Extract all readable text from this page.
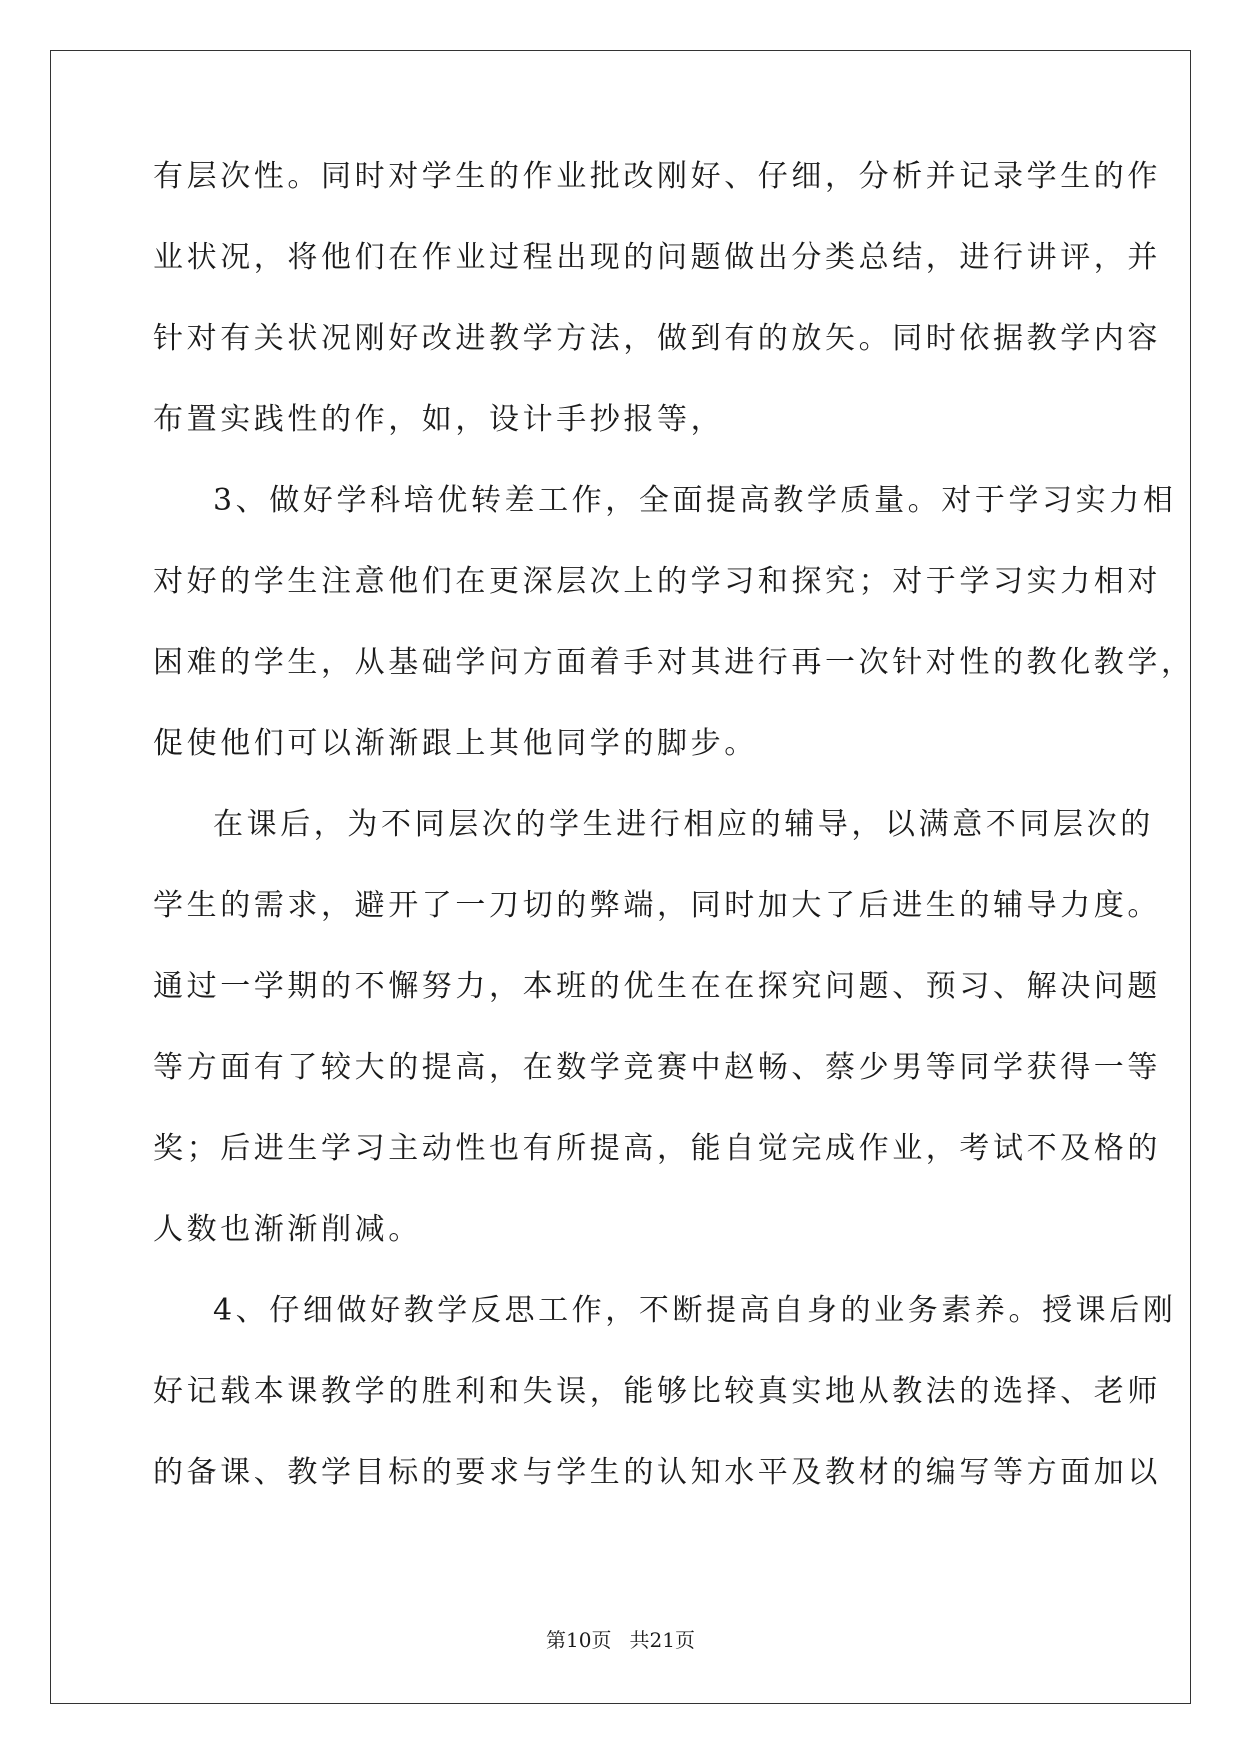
有层次性。同时对学生的作业批改刚好、仔细，分析并记录学生的作
业状况，将他们在作业过程出现的问题做出分类总结，进行讲评，并
针对有关状况刚好改进教学方法，做到有的放矢。同时依据教学内容
布置实践性的作，如，设计手抄报等，
3、做好学科培优转差工作，全面提高教学质量。对于学习实力相
对好的学生注意他们在更深层次上的学习和探究；对于学习实力相对
困难的学生，从基础学问方面着手对其进行再一次针对性的教化教学，
促使他们可以渐渐跟上其他同学的脚步。
在课后，为不同层次的学生进行相应的辅导，以满意不同层次的
学生的需求，避开了一刀切的弊端，同时加大了后进生的辅导力度。
通过一学期的不懈努力，本班的优生在在探究问题、预习、解决问题
等方面有了较大的提高，在数学竞赛中赵畅、蔡少男等同学获得一等
奖；后进生学习主动性也有所提高，能自觉完成作业，考试不及格的
人数也渐渐削减。
4、仔细做好教学反思工作，不断提高自身的业务素养。授课后刚
好记载本课教学的胜利和失误，能够比较真实地从教法的选择、老师
的备课、教学目标的要求与学生的认知水平及教材的编写等方面加以
第10页 共21页
